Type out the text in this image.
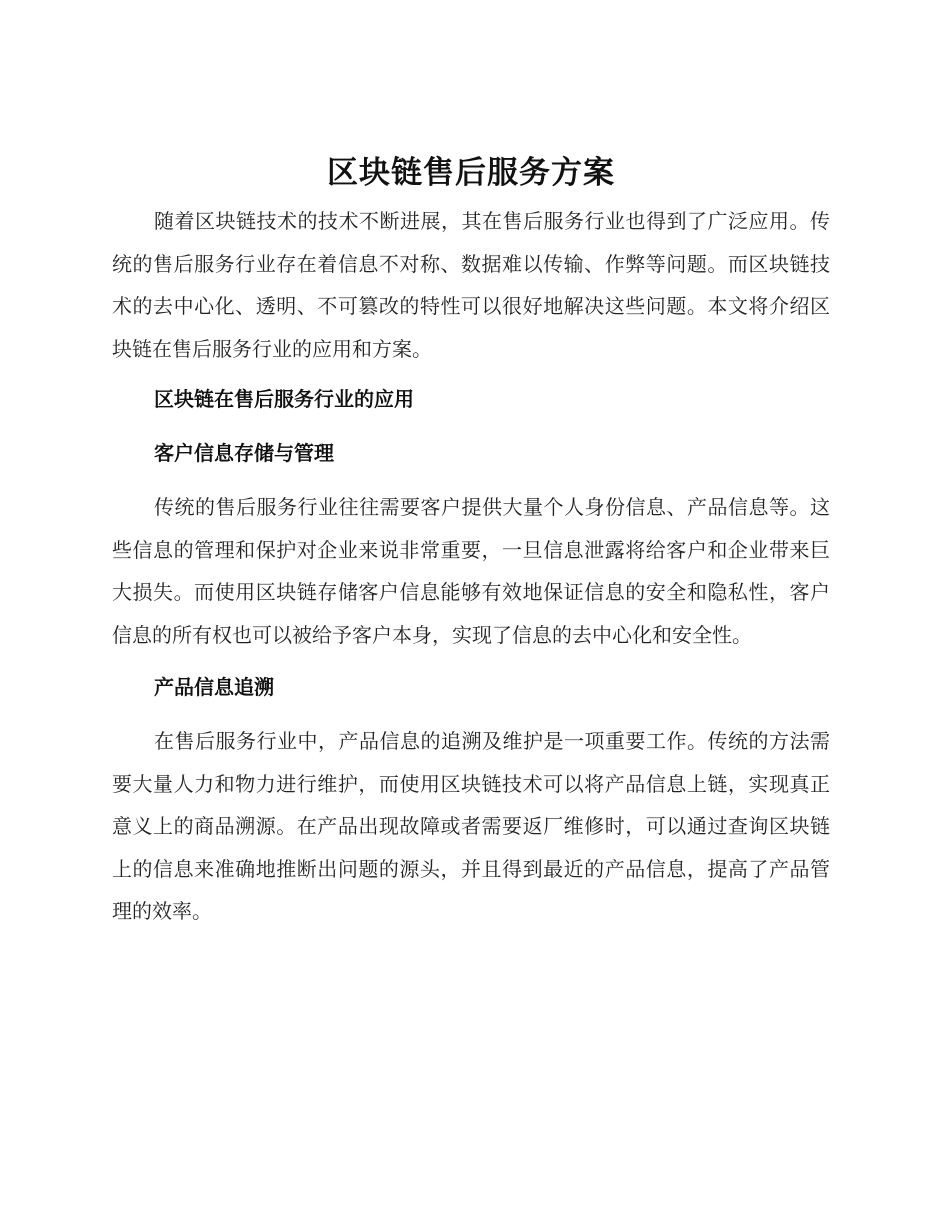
区块链售后服务方案

随着区块链技术的技术不断进展，其在售后服务行业也得到了广泛应用。传统的售后服务行业存在着信息不对称、数据难以传输、作弊等问题。而区块链技术的去中心化、透明、不可篡改的特性可以很好地解决这些问题。本文将介绍区块链在售后服务行业的应用和方案。

区块链在售后服务行业的应用
客户信息存储与管理

传统的售后服务行业往往需要客户提供大量个人身份信息、产品信息等。这些信息的管理和保护对企业来说非常重要，一旦信息泄露将给客户和企业带来巨大损失。而使用区块链存储客户信息能够有效地保证信息的安全和隐私性，客户信息的所有权也可以被给予客户本身，实现了信息的去中心化和安全性。

产品信息追溯

在售后服务行业中，产品信息的追溯及维护是一项重要工作。传统的方法需要大量人力和物力进行维护，而使用区块链技术可以将产品信息上链，实现真正意义上的商品溯源。在产品出现故障或者需要返厂维修时，可以通过查询区块链上的信息来准确地推断出问题的源头，并且得到最近的产品信息，提高了产品管理的效率。
